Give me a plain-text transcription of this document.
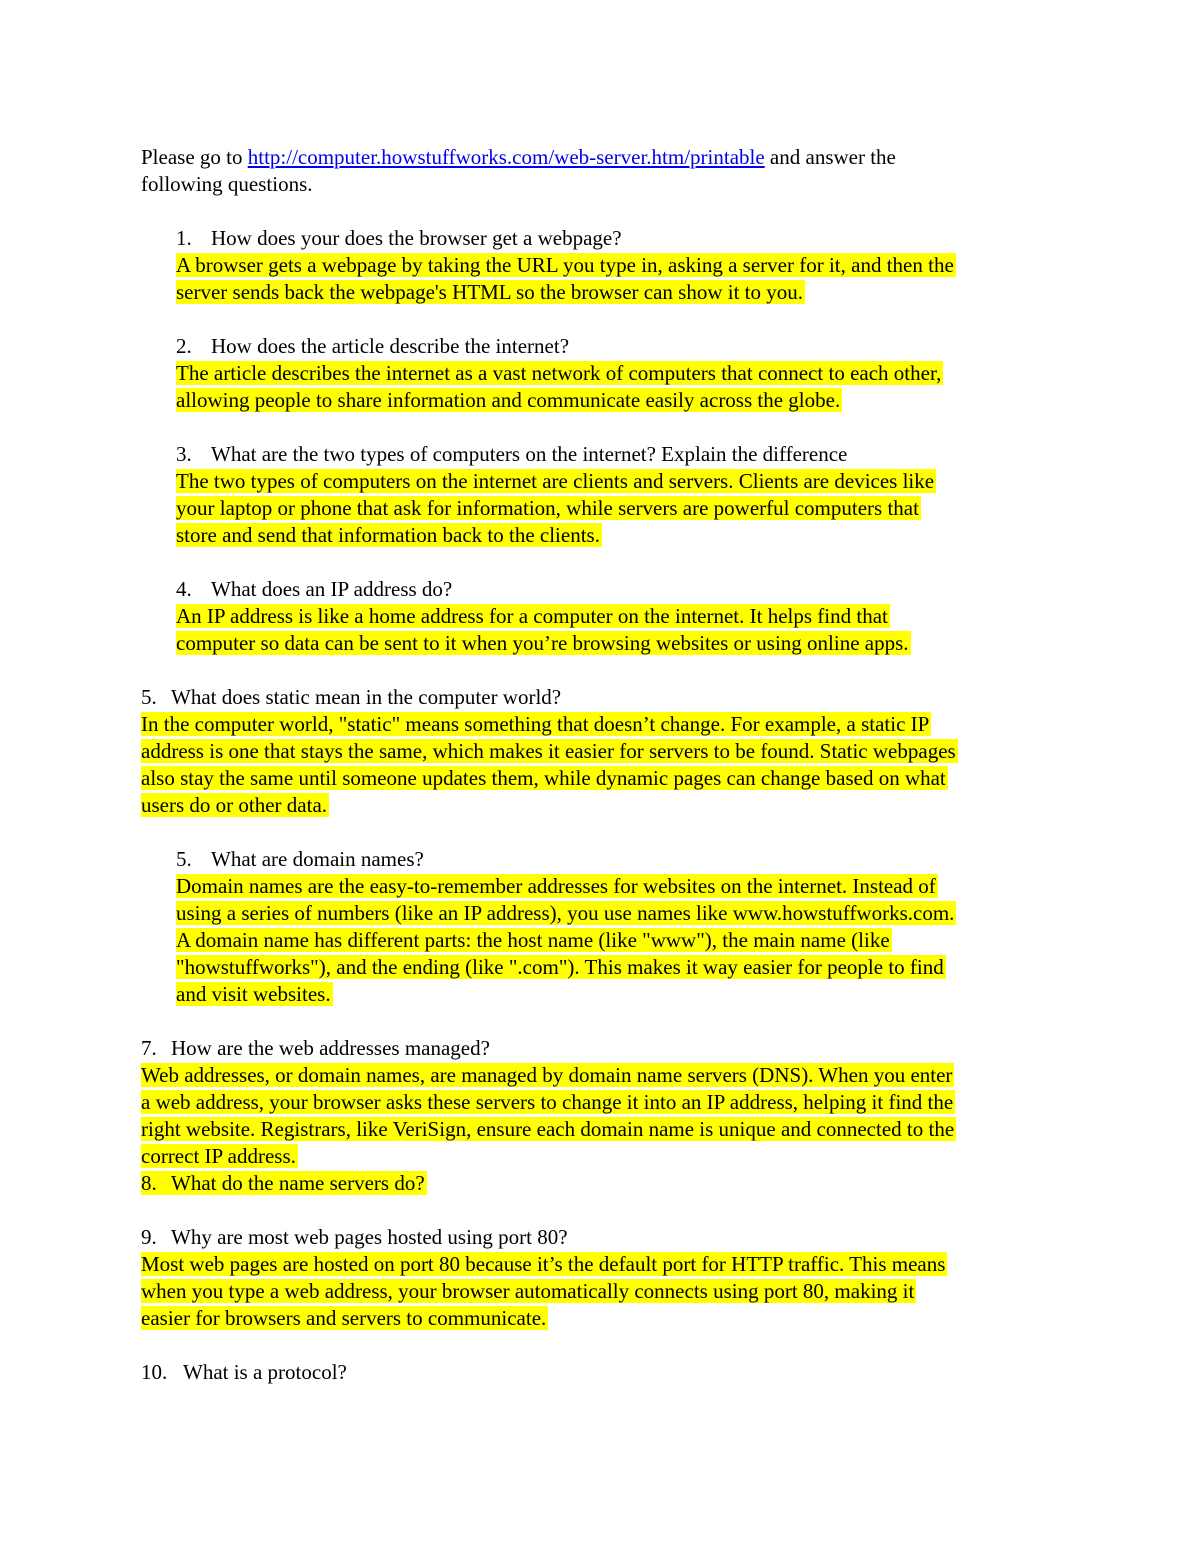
Please go to http://computer.howstuffworks.com/web-server.htm/printable and answer the
following questions.
1. How does your does the browser get a webpage?
A browser gets a webpage by taking the URL you type in, asking a server for it, and then the
server sends back the webpage's HTML so the browser can show it to you.
2. How does the article describe the internet?
The article describes the internet as a vast network of computers that connect to each other,
allowing people to share information and communicate easily across the globe.
3. What are the two types of computers on the internet? Explain the difference
The two types of computers on the internet are clients and servers. Clients are devices like
your laptop or phone that ask for information, while servers are powerful computers that
store and send that information back to the clients.
4. What does an IP address do?
An IP address is like a home address for a computer on the internet. It helps find that
computer so data can be sent to it when you’re browsing websites or using online apps.
5. What does static mean in the computer world?
In the computer world, "static" means something that doesn’t change. For example, a static IP
address is one that stays the same, which makes it easier for servers to be found. Static webpages
also stay the same until someone updates them, while dynamic pages can change based on what
users do or other data.
5. What are domain names?
Domain names are the easy-to-remember addresses for websites on the internet. Instead of
using a series of numbers (like an IP address), you use names like www.howstuffworks.com.
A domain name has different parts: the host name (like "www"), the main name (like
"howstuffworks"), and the ending (like ".com"). This makes it way easier for people to find
and visit websites.
7. How are the web addresses managed?
Web addresses, or domain names, are managed by domain name servers (DNS). When you enter
a web address, your browser asks these servers to change it into an IP address, helping it find the
right website. Registrars, like VeriSign, ensure each domain name is unique and connected to the
correct IP address.
8. What do the name servers do?
9. Why are most web pages hosted using port 80?
Most web pages are hosted on port 80 because it’s the default port for HTTP traffic. This means
when you type a web address, your browser automatically connects using port 80, making it
easier for browsers and servers to communicate.
10. What is a protocol?
